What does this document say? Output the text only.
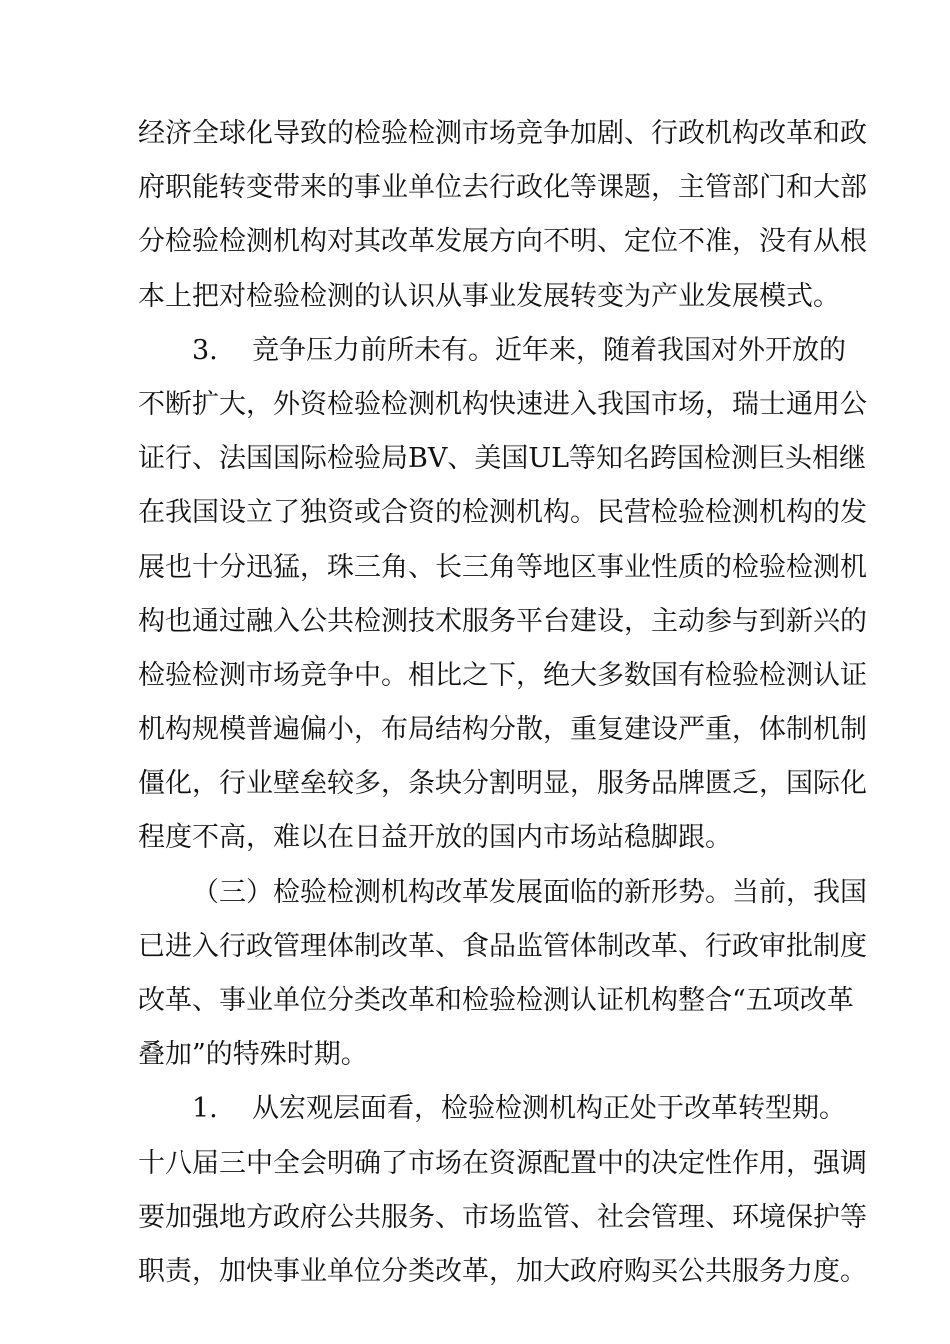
经济全球化导致的检验检测市场竞争加剧、行政机构改革和政
府职能转变带来的事业单位去行政化等课题，主管部门和大部
分检验检测机构对其改革发展方向不明、定位不准，没有从根
本上把对检验检测的认识从事业发展转变为产业发展模式。
3. 竞争压力前所未有。近年来，随着我国对外开放的
不断扩大，外资检验检测机构快速进入我国市场，瑞士通用公
证行、法国国际检验局BV、美国UL等知名跨国检测巨头相继
在我国设立了独资或合资的检测机构。民营检验检测机构的发
展也十分迅猛，珠三角、长三角等地区事业性质的检验检测机
构也通过融入公共检测技术服务平台建设，主动参与到新兴的
检验检测市场竞争中。相比之下，绝大多数国有检验检测认证
机构规模普遍偏小，布局结构分散，重复建设严重，体制机制
僵化，行业壁垒较多，条块分割明显，服务品牌匮乏，国际化
程度不高，难以在日益开放的国内市场站稳脚跟。
（三）检验检测机构改革发展面临的新形势。当前，我国
已进入行政管理体制改革、食品监管体制改革、行政审批制度
改革、事业单位分类改革和检验检测认证机构整合“五项改革
叠加”的特殊时期。
1. 从宏观层面看，检验检测机构正处于改革转型期。
十八届三中全会明确了市场在资源配置中的决定性作用，强调
要加强地方政府公共服务、市场监管、社会管理、环境保护等
职责，加快事业单位分类改革，加大政府购买公共服务力度。
